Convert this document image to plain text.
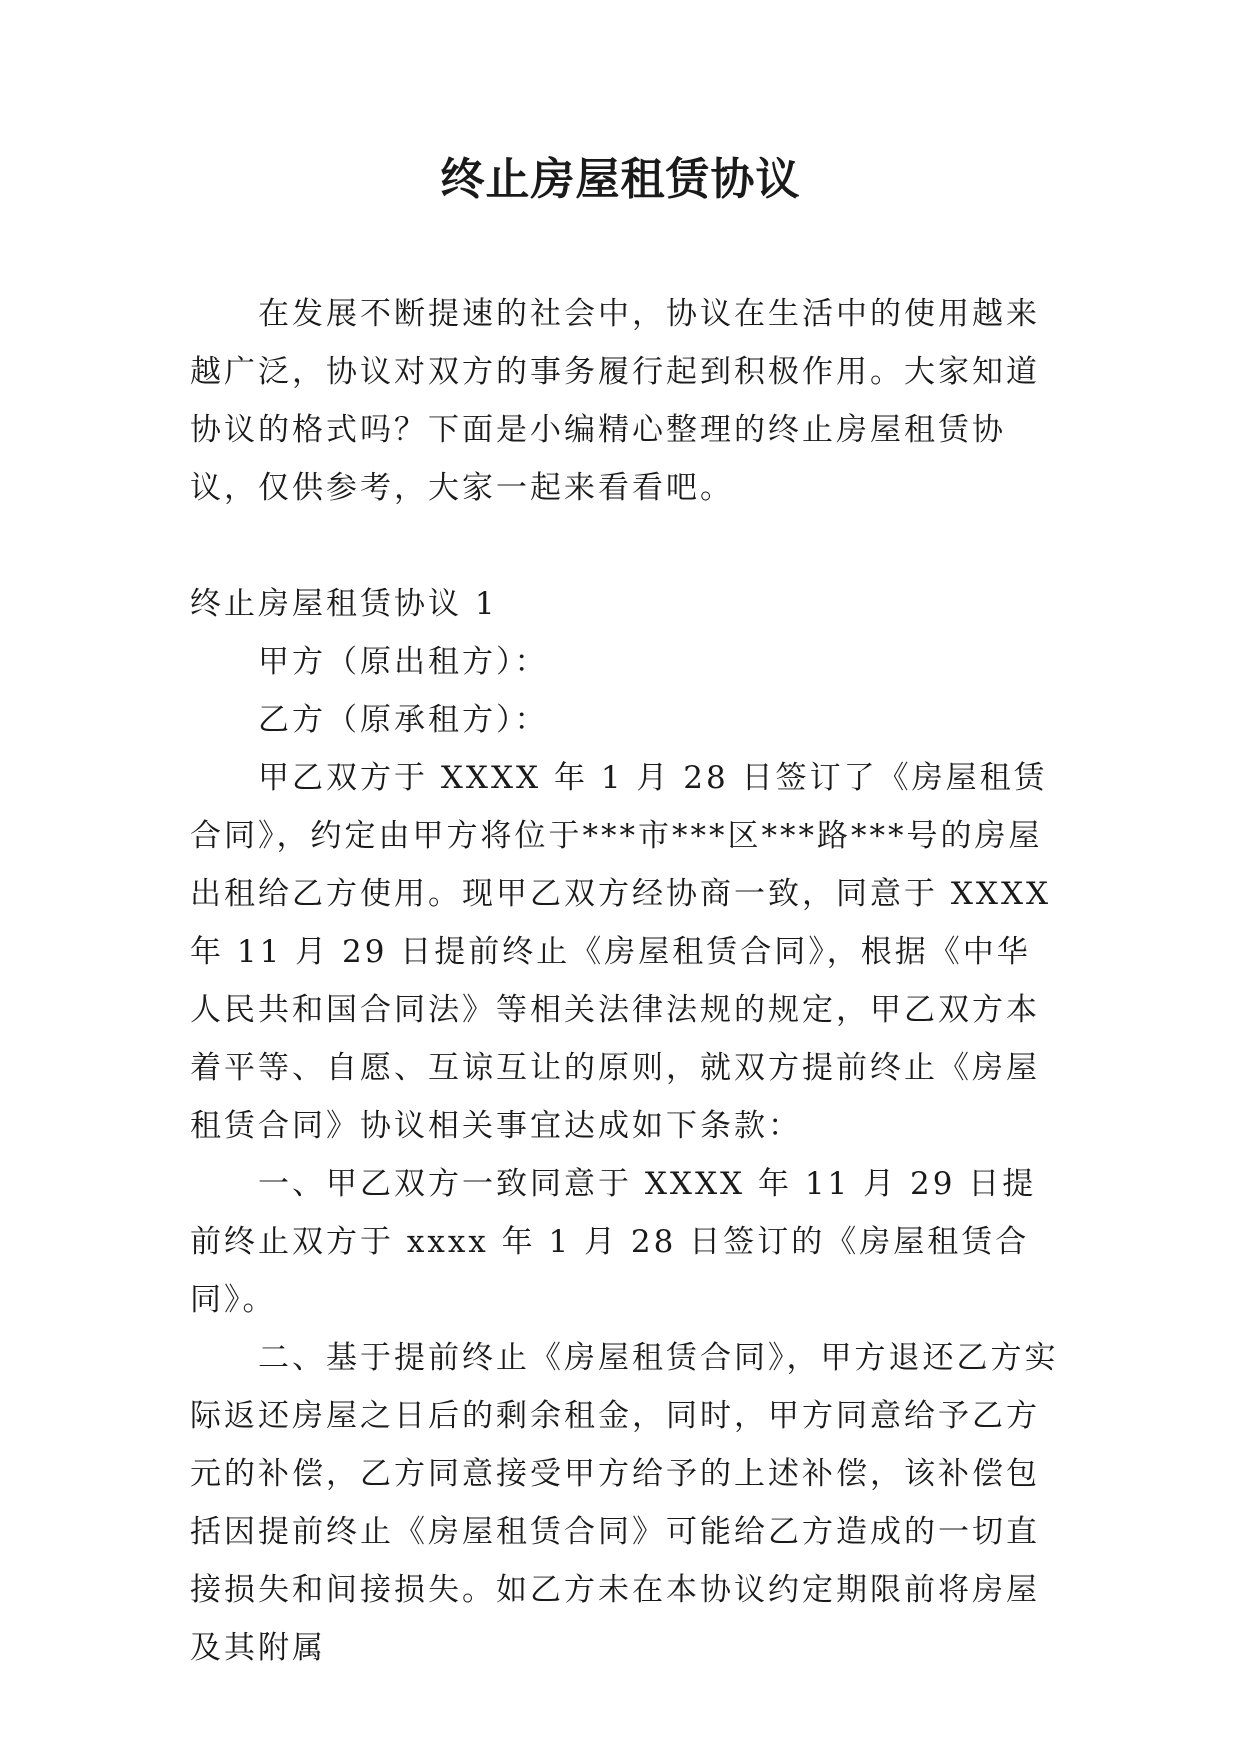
终止房屋租赁协议

在发展不断提速的社会中，协议在生活中的使用越来越广泛，协议对双方的事务履行起到积极作用。大家知道协议的格式吗？下面是小编精心整理的终止房屋租赁协议，仅供参考，大家一起来看看吧。

终止房屋租赁协议 1

甲方（原出租方）：

乙方（原承租方）：

甲乙双方于 XXXX 年 1 月 28 日签订了《房屋租赁合同》，约定由甲方将位于***市***区***路***号的房屋出租给乙方使用。现甲乙双方经协商一致，同意于 XXXX 年 11 月 29 日提前终止《房屋租赁合同》，根据《中华人民共和国合同法》等相关法律法规的规定，甲乙双方本着平等、自愿、互谅互让的原则，就双方提前终止《房屋租赁合同》协议相关事宜达成如下条款：

一、甲乙双方一致同意于 XXXX 年 11 月 29 日提前终止双方于 xxxx 年 1 月 28 日签订的《房屋租赁合同》。

二、基于提前终止《房屋租赁合同》，甲方退还乙方实际返还房屋之日后的剩余租金，同时，甲方同意给予乙方元的补偿，乙方同意接受甲方给予的上述补偿，该补偿包括因提前终止《房屋租赁合同》可能给乙方造成的一切直接损失和间接损失。如乙方未在本协议约定期限前将房屋及其附属
